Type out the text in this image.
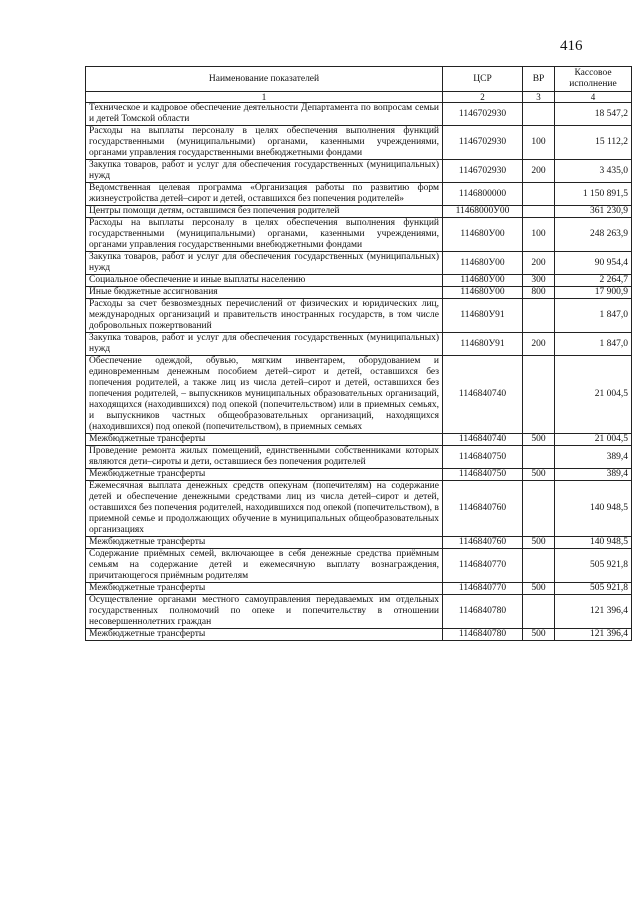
416
Наименование показателей	ЦСР	ВР	Кассовое исполнение
1	2	3	4
Техническое и кадровое обеспечение деятельности Департамента по вопросам семьи и детей Томской области	1146702930		18 547,2
Расходы на выплаты персоналу в целях обеспечения выполнения функций государственными (муниципальными) органами, казенными учреждениями, органами управления государственными внебюджетными фондами	1146702930	100	15 112,2
Закупка товаров, работ и услуг для обеспечения государственных (муниципальных) нужд	1146702930	200	3 435,0
Ведомственная целевая программа «Организация работы по развитию форм жизнеустройства детей–сирот и детей, оставшихся без попечения родителей»	1146800000		1 150 891,5
Центры помощи детям, оставшимся без попечения родителей	11468000У00		361 230,9
Расходы на выплаты персоналу в целях обеспечения выполнения функций государственными (муниципальными) органами, казенными учреждениями, органами управления государственными внебюджетными фондами	114680У00	100	248 263,9
Закупка товаров, работ и услуг для обеспечения государственных (муниципальных) нужд	114680У00	200	90 954,4
Социальное обеспечение и иные выплаты населению	114680У00	300	2 264,7
Иные бюджетные ассигнования	114680У00	800	17 900,9
Расходы за счет безвозмездных перечислений от физических и юридических лиц, международных организаций и правительств иностранных государств, в том числе добровольных пожертвований	114680У91		1 847,0
Закупка товаров, работ и услуг для обеспечения государственных (муниципальных) нужд	114680У91	200	1 847,0
Обеспечение одеждой, обувью, мягким инвентарем, оборудованием и единовременным денежным пособием детей–сирот и детей, оставшихся без попечения родителей, а также лиц из числа детей–сирот и детей, оставшихся без попечения родителей, – выпускников муниципальных образовательных организаций, находящихся (находившихся) под опекой (попечительством) или в приемных семьях, и выпускников частных общеобразовательных организаций, находящихся (находившихся) под опекой (попечительством), в приемных семьях	1146840740		21 004,5
Межбюджетные трансферты	1146840740	500	21 004,5
Проведение ремонта жилых помещений, единственными собственниками которых являются дети–сироты и дети, оставшиеся без попечения родителей	1146840750		389,4
Межбюджетные трансферты	1146840750	500	389,4
Ежемесячная выплата денежных средств опекунам (попечителям) на содержание детей и обеспечение денежными средствами лиц из числа детей–сирот и детей, оставшихся без попечения родителей, находившихся под опекой (попечительством), в приемной семье и продолжающих обучение в муниципальных общеобразовательных организациях	1146840760		140 948,5
Межбюджетные трансферты	1146840760	500	140 948,5
Содержание приёмных семей, включающее в себя денежные средства приёмным семьям на содержание детей и ежемесячную выплату вознаграждения, причитающегося приёмным родителям	1146840770		505 921,8
Межбюджетные трансферты	1146840770	500	505 921,8
Осуществление органами местного самоуправления передаваемых им отдельных государственных полномочий по опеке и попечительству в отношении несовершеннолетних граждан	1146840780		121 396,4
Межбюджетные трансферты	1146840780	500	121 396,4
